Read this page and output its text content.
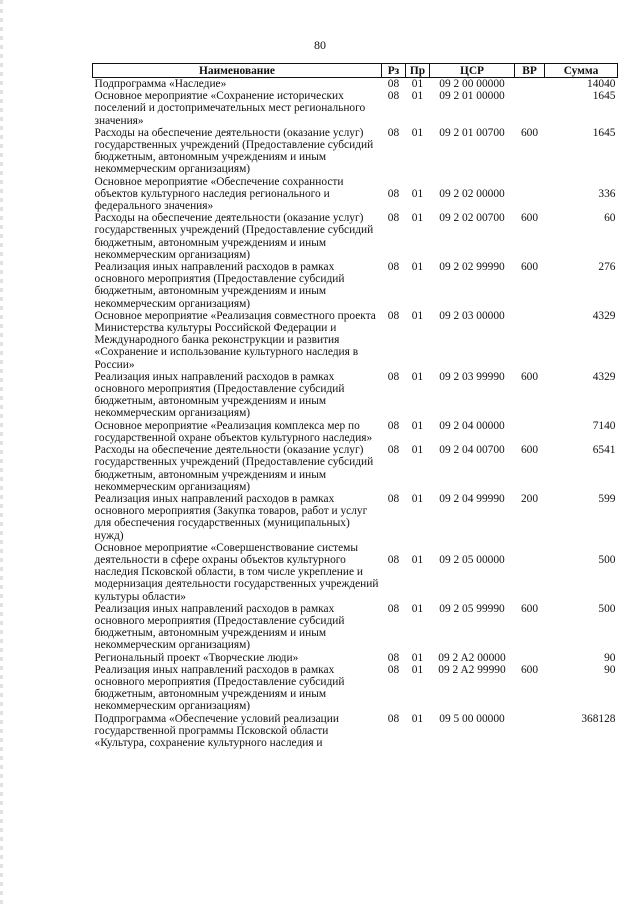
80
Наименование	Рз	Пр	ЦСР	ВР	Сумма
Подпрограмма «Наследие»	08	01	09 2 00 00000		14040
Основное мероприятие «Сохранение исторических поселений и достопримечательных мест регионального значения»	08	01	09 2 01 00000		1645
Расходы на обеспечение деятельности (оказание услуг) государственных учреждений (Предоставление субсидий бюджетным, автономным учреждениям и иным некоммерческим организациям)	08	01	09 2 01 00700	600	1645
Основное мероприятие «Обеспечение сохранности объектов культурного наследия регионального и федерального значения»	08	01	09 2 02 00000		336
Расходы на обеспечение деятельности (оказание услуг) государственных учреждений (Предоставление субсидий бюджетным, автономным учреждениям и иным некоммерческим организациям)	08	01	09 2 02 00700	600	60
Реализация иных направлений расходов в рамках основного мероприятия (Предоставление субсидий бюджетным, автономным учреждениям и иным некоммерческим организациям)	08	01	09 2 02 99990	600	276
Основное мероприятие «Реализация совместного проекта Министерства культуры Российской Федерации и Международного банка реконструкции и развития «Сохранение и использование культурного наследия в России»	08	01	09 2 03 00000		4329
Реализация иных направлений расходов в рамках основного мероприятия (Предоставление субсидий бюджетным, автономным учреждениям и иным некоммерческим организациям)	08	01	09 2 03 99990	600	4329
Основное мероприятие «Реализация комплекса мер по государственной охране объектов культурного наследия»	08	01	09 2 04 00000		7140
Расходы на обеспечение деятельности (оказание услуг) государственных учреждений (Предоставление субсидий бюджетным, автономным учреждениям и иным некоммерческим организациям)	08	01	09 2 04 00700	600	6541
Реализация иных направлений расходов в рамках основного мероприятия (Закупка товаров, работ и услуг для обеспечения государственных (муниципальных) нужд)	08	01	09 2 04 99990	200	599
Основное мероприятие «Совершенствование системы деятельности в сфере охраны объектов культурного наследия Псковской области, в том числе укрепление и модернизация деятельности государственных учреждений культуры области»	08	01	09 2 05 00000		500
Реализация иных направлений расходов в рамках основного мероприятия (Предоставление субсидий бюджетным, автономным учреждениям и иным некоммерческим организациям)	08	01	09 2 05 99990	600	500
Региональный проект «Творческие люди»	08	01	09 2 A2 00000		90
Реализация иных направлений расходов в рамках основного мероприятия (Предоставление субсидий бюджетным, автономным учреждениям и иным некоммерческим организациям)	08	01	09 2 A2 99990	600	90
Подпрограмма «Обеспечение условий реализации государственной программы Псковской области «Культура, сохранение культурного наследия и	08	01	09 5 00 00000		368128
